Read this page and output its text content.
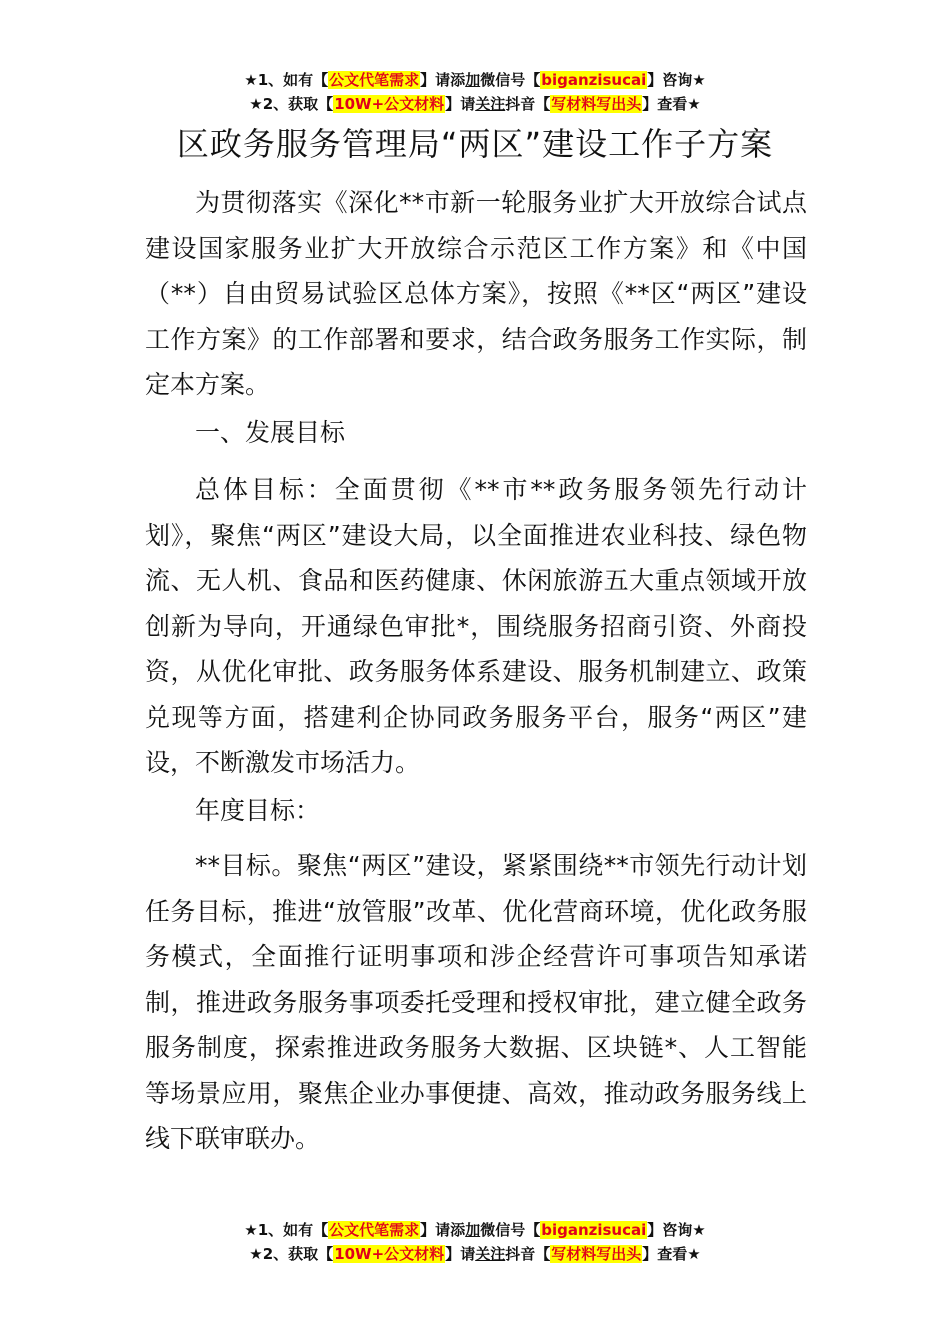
★1、如有【公文代笔需求】请添加微信号【biganzisucai】咨询★
★2、获取【10W+公文材料】请关注抖音【写材料写出头】查看★
区政务服务管理局“两区”建设工作子方案

为贯彻落实《深化**市新一轮服务业扩大开放综合试点建设国家服务业扩大开放综合示范区工作方案》和《中国（**）自由贸易试验区总体方案》，按照《**区“两区”建设工作方案》的工作部署和要求，结合政务服务工作实际，制定本方案。

一、发展目标

总体目标：全面贯彻《**市**政务服务领先行动计划》，聚焦“两区”建设大局，以全面推进农业科技、绿色物流、无人机、食品和医药健康、休闲旅游五大重点领域开放创新为导向，开通绿色审批*，围绕服务招商引资、外商投资，从优化审批、政务服务体系建设、服务机制建立、政策兑现等方面，搭建利企协同政务服务平台，服务“两区”建设，不断激发市场活力。

年度目标：

**目标。聚焦“两区”建设，紧紧围绕**市领先行动计划任务目标，推进“放管服”改革、优化营商环境，优化政务服务模式，全面推行证明事项和涉企经营许可事项告知承诺制，推进政务服务事项委托受理和授权审批，建立健全政务服务制度，探索推进政务服务大数据、区块链*、人工智能等场景应用，聚焦企业办事便捷、高效，推动政务服务线上线下联审联办。

★1、如有【公文代笔需求】请添加微信号【biganzisucai】咨询★
★2、获取【10W+公文材料】请关注抖音【写材料写出头】查看★
